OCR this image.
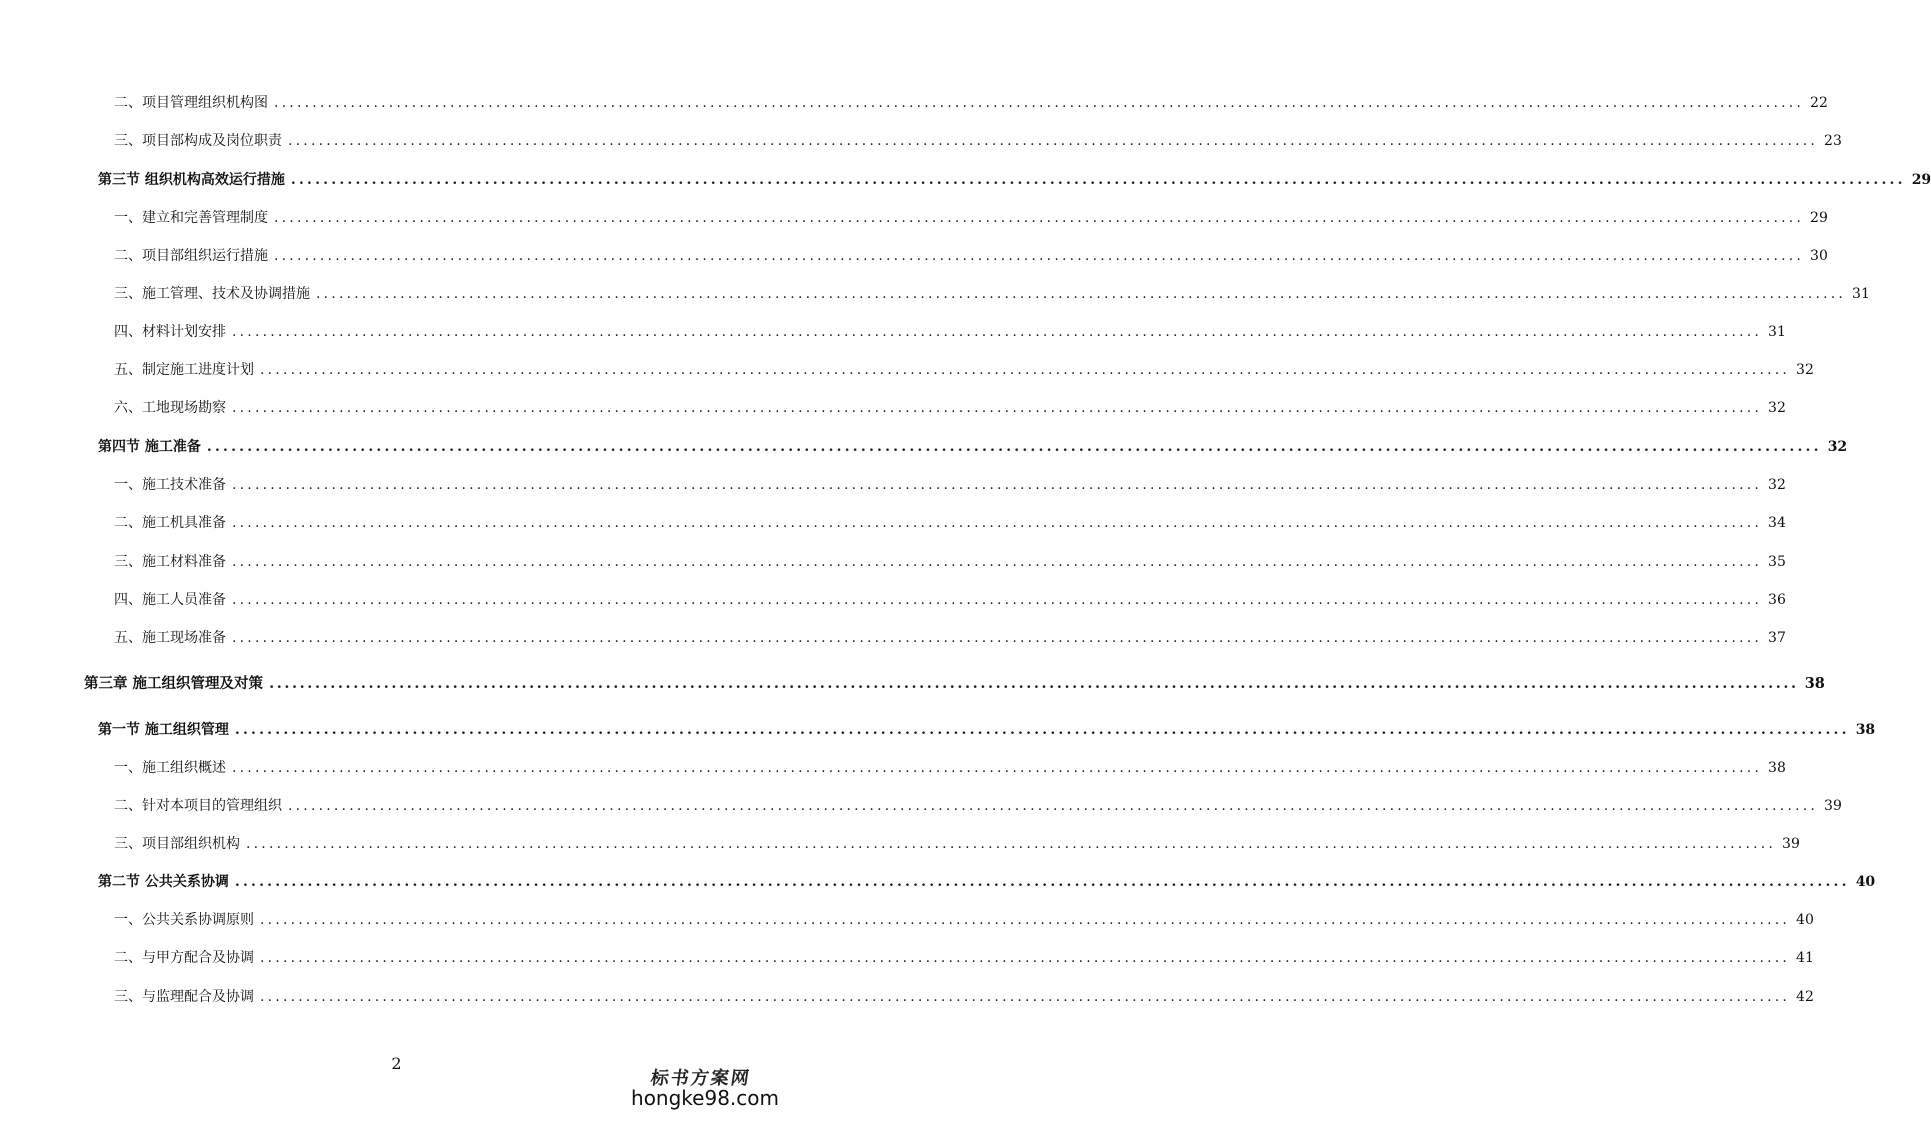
二、项目管理组织机构图 ........................................................................................................................................................................................................ 22
三、项目部构成及岗位职责 ........................................................................................................................................................................................................ 23
第三节 组织机构高效运行措施 ........................................................................................................................................................................................................ 29
一、建立和完善管理制度 ........................................................................................................................................................................................................ 29
二、项目部组织运行措施 ........................................................................................................................................................................................................ 30
三、施工管理、技术及协调措施 ........................................................................................................................................................................................................ 31
四、材料计划安排 ........................................................................................................................................................................................................ 31
五、制定施工进度计划 ........................................................................................................................................................................................................ 32
六、工地现场勘察 ........................................................................................................................................................................................................ 32
第四节 施工准备 ........................................................................................................................................................................................................ 32
一、施工技术准备 ........................................................................................................................................................................................................ 32
二、施工机具准备 ........................................................................................................................................................................................................ 34
三、施工材料准备 ........................................................................................................................................................................................................ 35
四、施工人员准备 ........................................................................................................................................................................................................ 36
五、施工现场准备 ........................................................................................................................................................................................................ 37
第三章 施工组织管理及对策 ........................................................................................................................................................................................................ 38
第一节 施工组织管理 ........................................................................................................................................................................................................ 38
一、施工组织概述 ........................................................................................................................................................................................................ 38
二、针对本项目的管理组织 ........................................................................................................................................................................................................ 39
三、项目部组织机构 ........................................................................................................................................................................................................ 39
第二节 公共关系协调 ........................................................................................................................................................................................................ 40
一、公共关系协调原则 ........................................................................................................................................................................................................ 40
二、与甲方配合及协调 ........................................................................................................................................................................................................ 41
三、与监理配合及协调 ........................................................................................................................................................................................................ 42
2
标书方案网
hongke98.com
